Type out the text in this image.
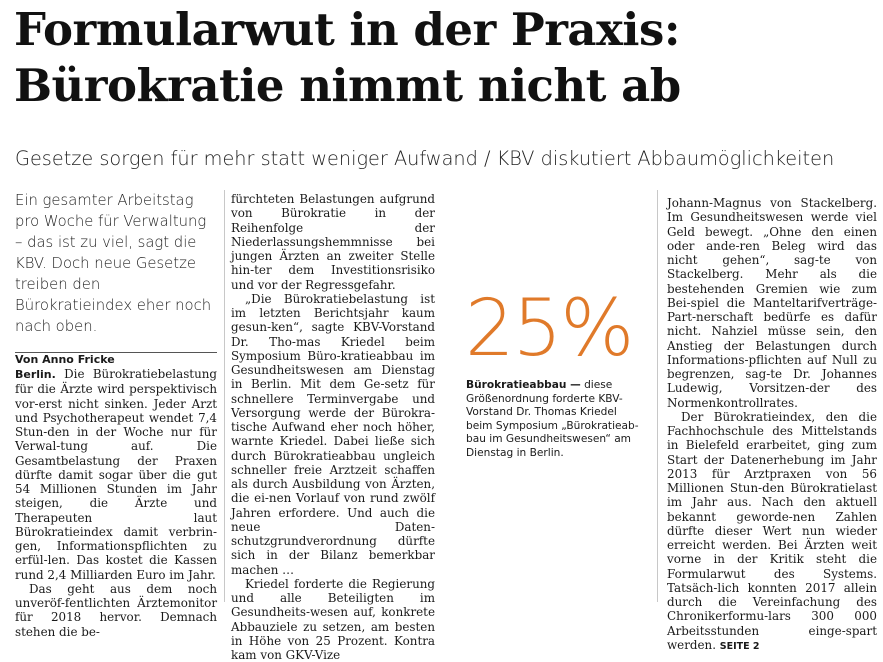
Formularwut in der Praxis:
Bürokratie nimmt nicht ab

Gesetze sorgen für mehr statt weniger Aufwand / KBV diskutiert Abbaumöglichkeiten

Ein gesamter Arbeitstag pro Woche für Verwaltung – das ist zu viel, sagt die KBV. Doch neue Gesetze treiben den Bürokratieindex eher noch nach oben.

Von Anno Fricke

Berlin. Die Bürokratiebelastung für die Ärzte wird perspektivisch vor-erst nicht sinken. Jeder Arzt und Psychotherapeut wendet 7,4 Stun-den in der Woche nur für Verwal-tung auf. Die Gesamtbelastung der Praxen dürfte damit sogar über die gut 54 Millionen Stunden im Jahr steigen, die Ärzte und Therapeuten laut Bürokratieindex damit verbrin-gen, Informationspflichten zu erfül-len. Das kostet die Kassen rund 2,4 Milliarden Euro im Jahr.

Das geht aus dem noch unveröf-fentlichten Ärztemonitor für 2018 hervor. Demnach stehen die be-

fürchteten Belastungen aufgrund von Bürokratie in der Reihenfolge der Niederlassungshemmnisse bei jungen Ärzten an zweiter Stelle hin-ter dem Investitionsrisiko und vor der Regressgefahr.

„Die Bürokratiebelastung ist im letzten Berichtsjahr kaum gesun-ken“, sagte KBV-Vorstand Dr. Tho-mas Kriedel beim Symposium Büro-kratieabbau im Gesundheitswesen am Dienstag in Berlin. Mit dem Ge-setz für schnellere Terminvergabe und Versorgung werde der Bürokra-tische Aufwand eher noch höher, warnte Kriedel. Dabei ließe sich durch Bürokratieabbau ungleich schneller freie Arztzeit schaffen als durch Ausbildung von Ärzten, die ei-nen Vorlauf von rund zwölf Jahren erfordere. Und auch die neue Daten-schutzgrundverordnung dürfte sich in der Bilanz bemerkbar machen …

Kriedel forderte die Regierung und alle Beteiligten im Gesundheits-wesen auf, konkrete Abbauziele zu setzen, am besten in Höhe von 25 Prozent. Kontra kam von GKV-Vize

25%

Bürokratieabbau — diese Größenordnung forderte KBV-Vorstand Dr. Thomas Kriedel beim Symposium „Bürokratieab-bau im Gesundheitswesen“ am Dienstag in Berlin.

Johann-Magnus von Stackelberg. Im Gesundheitswesen werde viel Geld bewegt. „Ohne den einen oder ande-ren Beleg wird das nicht gehen“, sag-te von Stackelberg. Mehr als die bestehenden Gremien wie zum Bei-spiel die Manteltarifverträge-Part-nerschaft bedürfe es dafür nicht. Nahziel müsse sein, den Anstieg der Belastungen durch Informations-pflichten auf Null zu begrenzen, sag-te Dr. Johannes Ludewig, Vorsitzen-der des Normenkontrollrates.

Der Bürokratieindex, den die Fachhochschule des Mittelstands in Bielefeld erarbeitet, ging zum Start der Datenerhebung im Jahr 2013 für Arztpraxen von 56 Millionen Stun-den Bürokratielast im Jahr aus. Nach den aktuell bekannt geworde-nen Zahlen dürfte dieser Wert nun wieder erreicht werden. Bei Ärzten weit vorne in der Kritik steht die Formularwut des Systems. Tatsäch-lich konnten 2017 allein durch die Vereinfachung des Chronikerformu-lars 300 000 Arbeitsstunden einge-spart werden. SEITE 2
